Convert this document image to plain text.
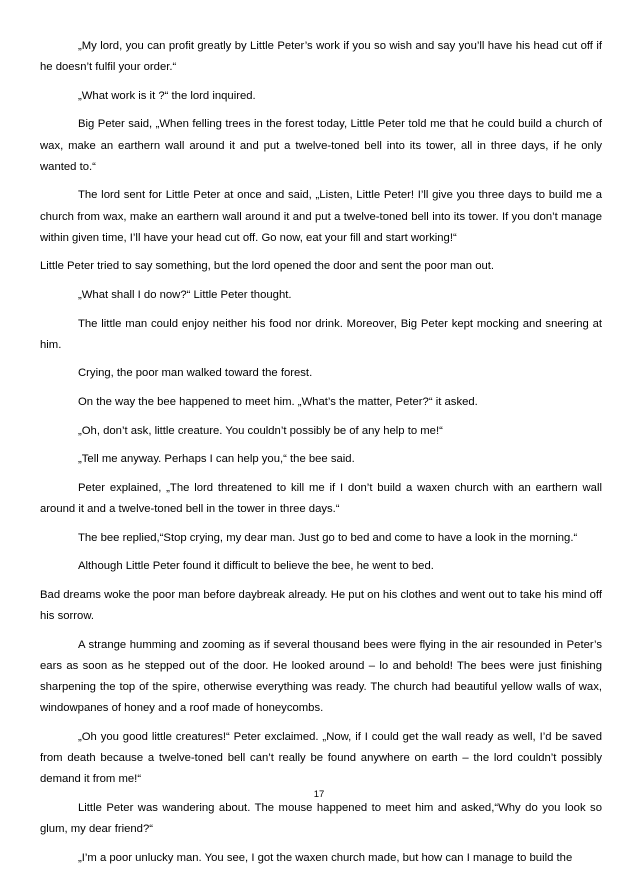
„My lord, you can profit greatly by Little Peter’s work if you so wish and say you’ll have his head cut off if he doesn’t fulfil your order.“

„What work is it ?“ the lord inquired.

Big Peter said, „When felling trees in the forest today, Little Peter told me that he could build a church of wax, make an earthern wall around it and put a twelve-toned bell into its tower, all in three days, if he only wanted to.“

The lord sent for Little Peter at once and said, „Listen, Little Peter! I’ll give you three days to build me a church from wax, make an earthern wall around it and put a twelve-toned bell into its tower. If you don’t manage within given time, I’ll have your head cut off. Go now, eat your fill and start working!“

Little Peter tried to say something, but the lord opened the door and sent the poor man out.

„What shall I do now?“ Little Peter thought.

The little man could enjoy neither his food nor drink. Moreover, Big Peter kept mocking and sneering at him.

Crying, the poor man walked toward the forest.

On the way the bee happened to meet him. „What’s the matter, Peter?“ it asked.

„Oh, don’t ask, little creature. You couldn’t possibly be of any help to me!“

„Tell me anyway. Perhaps I can help you,“ the bee said.

Peter explained, „The lord threatened to kill me if I don’t build a waxen church with an earthern wall around it and a twelve-toned bell in the tower in three days.“

The bee replied,“Stop crying, my dear man. Just go to bed and come to have a look in the morning.“

Although Little Peter found it difficult to believe the bee, he went to bed.

Bad dreams woke the poor man before daybreak already. He put on his clothes and went out to take his mind off his sorrow.

A strange humming and zooming as if several thousand bees were flying in the air resounded in Peter’s ears as soon as he stepped out of the door. He looked around – lo and behold! The bees were just finishing sharpening the top of the spire, otherwise everything was ready. The church had beautiful yellow walls of wax, windowpanes of honey and a roof made of honeycombs.

„Oh you good little creatures!“ Peter exclaimed. „Now, if I could get the wall ready as well, I’d be saved from death because a twelve-toned bell can’t really be found anywhere on earth – the lord couldn’t possibly demand it from me!“

Little Peter was wandering about. The mouse happened to meet him and asked,“Why do you look so glum, my dear friend?“

„I’m a poor unlucky man. You see, I got the waxen church made, but how can I manage to build the

17
